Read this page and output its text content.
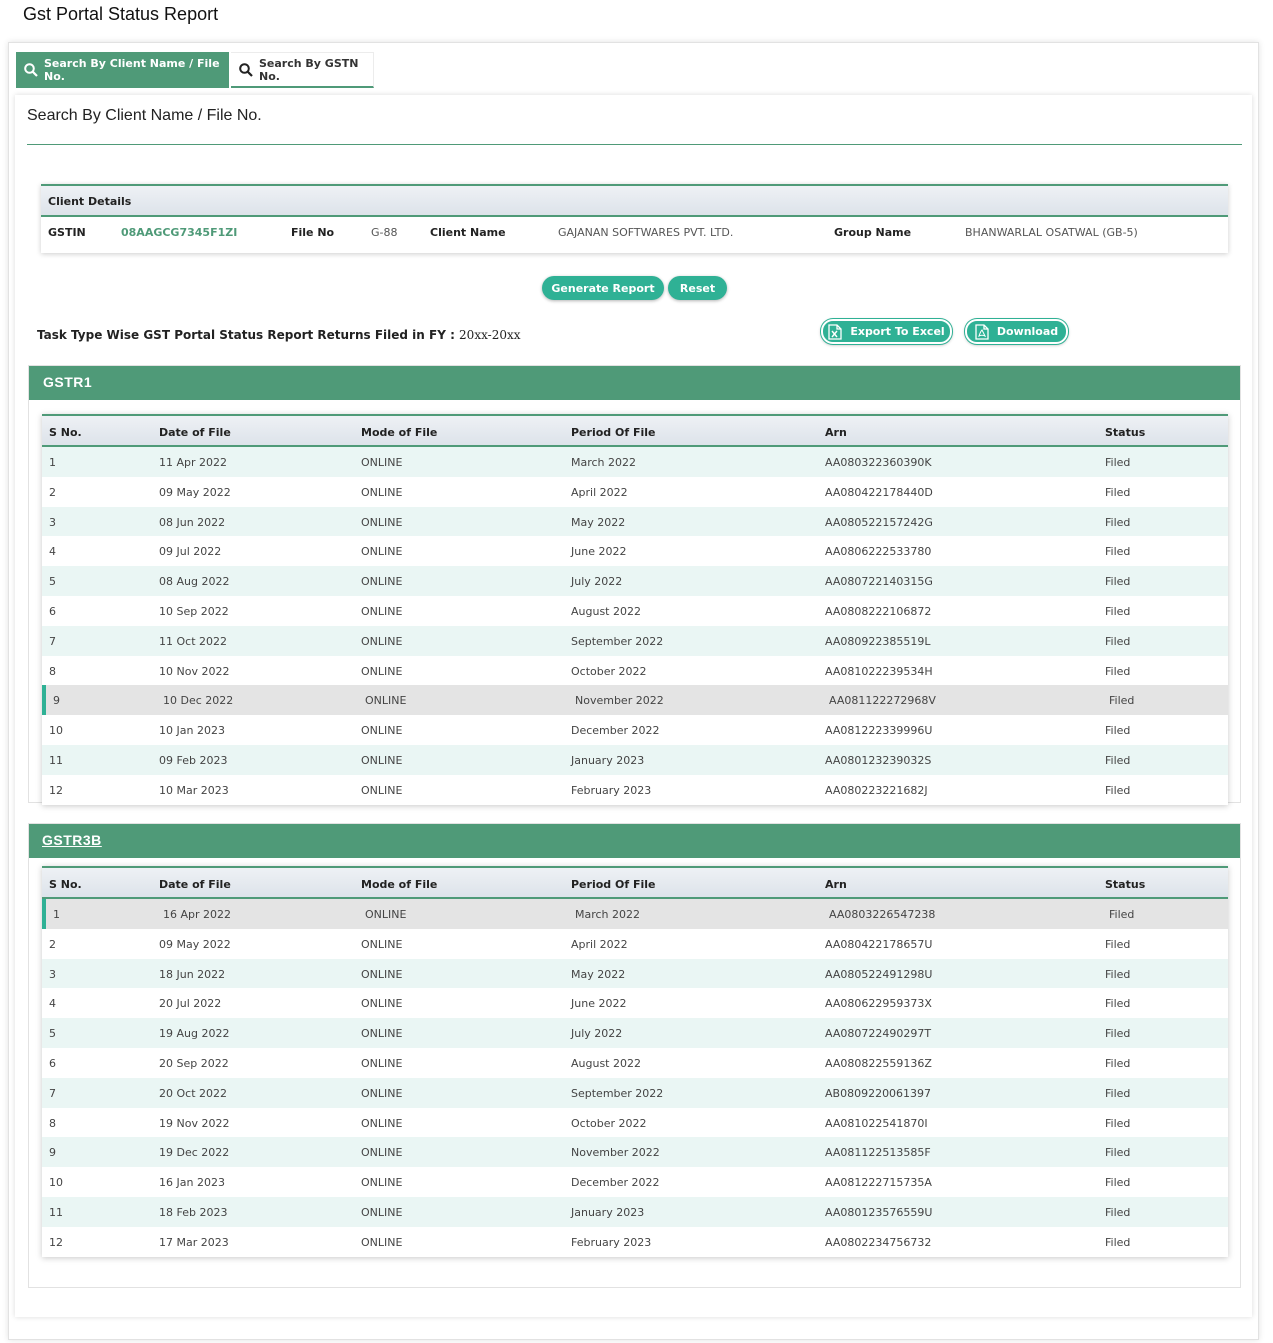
Gst Portal Status Report
Search By Client Name / File No.
Search By GSTN No.
Search By Client Name / File No.
Client Details
GSTIN	08AAGCG7345F1ZI	File No	G-88	Client Name	GAJANAN SOFTWARES PVT. LTD.	Group Name	BHANWARLAL OSATWAL (GB-5)
Generate Report	Reset
Task Type Wise GST Portal Status Report Returns Filed in FY : 20xx-20xx	Export To Excel	Download
GSTR1
S No.	Date of File	Mode of File	Period Of File	Arn	Status
1	11 Apr 2022	ONLINE	March 2022	AA080322360390K	Filed
2	09 May 2022	ONLINE	April 2022	AA080422178440D	Filed
3	08 Jun 2022	ONLINE	May 2022	AA080522157242G	Filed
4	09 Jul 2022	ONLINE	June 2022	AA0806222533780	Filed
5	08 Aug 2022	ONLINE	July 2022	AA080722140315G	Filed
6	10 Sep 2022	ONLINE	August 2022	AA0808222106872	Filed
7	11 Oct 2022	ONLINE	September 2022	AA080922385519L	Filed
8	10 Nov 2022	ONLINE	October 2022	AA081022239534H	Filed
9	10 Dec 2022	ONLINE	November 2022	AA081122272968V	Filed
10	10 Jan 2023	ONLINE	December 2022	AA081222339996U	Filed
11	09 Feb 2023	ONLINE	January 2023	AA080123239032S	Filed
12	10 Mar 2023	ONLINE	February 2023	AA080223221682J	Filed
GSTR3B
S No.	Date of File	Mode of File	Period Of File	Arn	Status
1	16 Apr 2022	ONLINE	March 2022	AA0803226547238	Filed
2	09 May 2022	ONLINE	April 2022	AA080422178657U	Filed
3	18 Jun 2022	ONLINE	May 2022	AA080522491298U	Filed
4	20 Jul 2022	ONLINE	June 2022	AA080622959373X	Filed
5	19 Aug 2022	ONLINE	July 2022	AA080722490297T	Filed
6	20 Sep 2022	ONLINE	August 2022	AA080822559136Z	Filed
7	20 Oct 2022	ONLINE	September 2022	AB0809220061397	Filed
8	19 Nov 2022	ONLINE	October 2022	AA081022541870I	Filed
9	19 Dec 2022	ONLINE	November 2022	AA081122513585F	Filed
10	16 Jan 2023	ONLINE	December 2022	AA081222715735A	Filed
11	18 Feb 2023	ONLINE	January 2023	AA080123576559U	Filed
12	17 Mar 2023	ONLINE	February 2023	AA0802234756732	Filed
